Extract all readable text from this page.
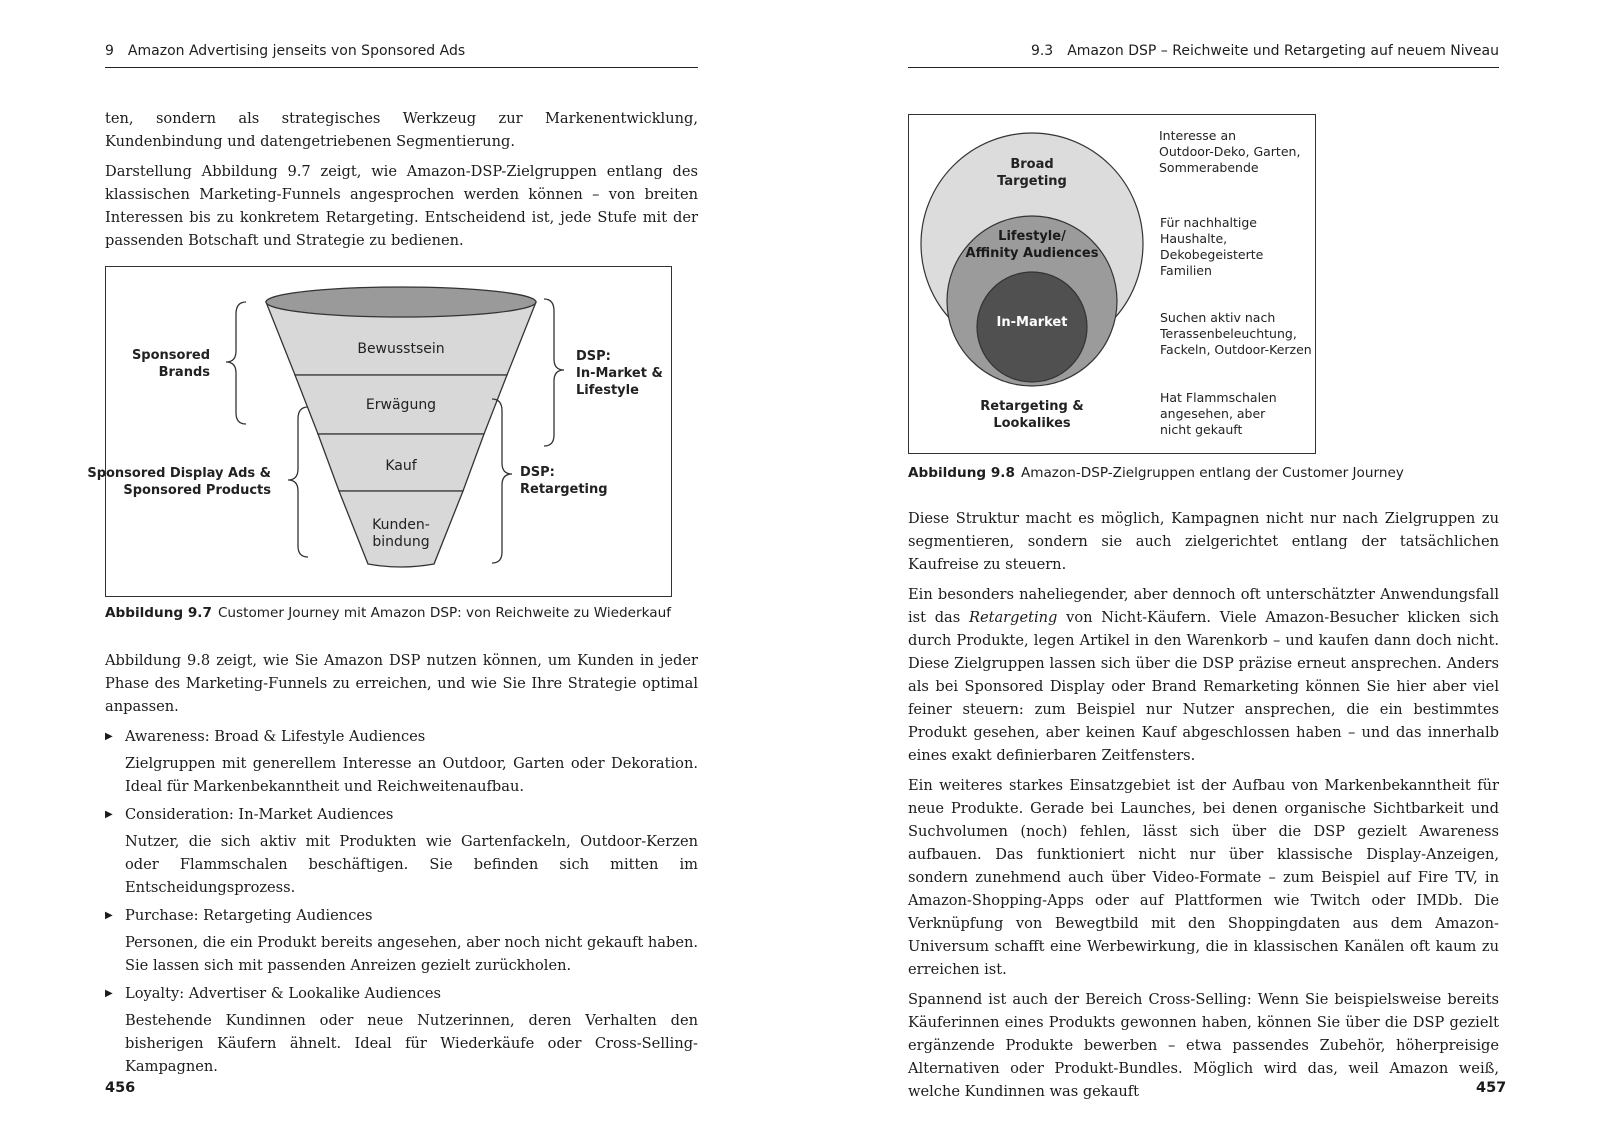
9 Amazon Advertising jenseits von Sponsored Ads

ten, sondern als strategisches Werkzeug zur Markenentwicklung, Kundenbindung und datengetriebenen Segmentierung.

Darstellung Abbildung 9.7 zeigt, wie Amazon-DSP-Zielgruppen entlang des klassischen Marketing-Funnels angesprochen werden können – von breiten Interessen bis zu konkretem Retargeting. Entscheidend ist, jede Stufe mit der passenden Botschaft und Strategie zu bedienen.

Bewusstsein
Erwägung
Kauf
Kunden-
bindung
Sponsored
Brands
Sponsored Display Ads &
Sponsored Products
DSP:
In-Market &
Lifestyle
DSP:
Retargeting
Abbildung 9.7 Customer Journey mit Amazon DSP: von Reichweite zu Wiederkauf

Abbildung 9.8 zeigt, wie Sie Amazon DSP nutzen können, um Kunden in jeder Phase des Marketing-Funnels zu erreichen, und wie Sie Ihre Strategie optimal anpassen.

▶ Awareness: Broad & Lifestyle Audiences
Zielgruppen mit generellem Interesse an Outdoor, Garten oder Dekoration. Ideal für Markenbekanntheit und Reichweitenaufbau.
▶ Consideration: In-Market Audiences
Nutzer, die sich aktiv mit Produkten wie Gartenfackeln, Outdoor-Kerzen oder Flammschalen beschäftigen. Sie befinden sich mitten im Entscheidungsprozess.
▶ Purchase: Retargeting Audiences
Personen, die ein Produkt bereits angesehen, aber noch nicht gekauft haben. Sie lassen sich mit passenden Anreizen gezielt zurückholen.
▶ Loyalty: Advertiser & Lookalike Audiences
Bestehende Kundinnen oder neue Nutzerinnen, deren Verhalten den bisherigen Käufern ähnelt. Ideal für Wiederkäufe oder Cross-Selling-Kampagnen.
456
9.3 Amazon DSP – Reichweite und Retargeting auf neuem Niveau
Broad
Targeting
Lifestyle/
Affinity Audiences
In-Market
Retargeting &
Lookalikes
Interesse an
Outdoor-Deko, Garten,
Sommerabende
Für nachhaltige
Haushalte,
Dekobegeisterte
Familien
Suchen aktiv nach
Terassenbeleuchtung,
Fackeln, Outdoor-Kerzen
Hat Flammschalen
angesehen, aber
nicht gekauft
Abbildung 9.8 Amazon-DSP-Zielgruppen entlang der Customer Journey

Diese Struktur macht es möglich, Kampagnen nicht nur nach Zielgruppen zu segmentieren, sondern sie auch zielgerichtet entlang der tatsächlichen Kaufreise zu steuern.

Ein besonders naheliegender, aber dennoch oft unterschätzter Anwendungsfall ist das Retargeting von Nicht-Käufern. Viele Amazon-Besucher klicken sich durch Produkte, legen Artikel in den Warenkorb – und kaufen dann doch nicht. Diese Zielgruppen lassen sich über die DSP präzise erneut ansprechen. Anders als bei Sponsored Display oder Brand Remarketing können Sie hier aber viel feiner steuern: zum Beispiel nur Nutzer ansprechen, die ein bestimmtes Produkt gesehen, aber keinen Kauf abgeschlossen haben – und das innerhalb eines exakt definierbaren Zeitfensters.

Ein weiteres starkes Einsatzgebiet ist der Aufbau von Markenbekanntheit für neue Produkte. Gerade bei Launches, bei denen organische Sichtbarkeit und Suchvolumen (noch) fehlen, lässt sich über die DSP gezielt Awareness aufbauen. Das funktioniert nicht nur über klassische Display-Anzeigen, sondern zunehmend auch über Video-Formate – zum Beispiel auf Fire TV, in Amazon-Shopping-Apps oder auf Plattformen wie Twitch oder IMDb. Die Verknüpfung von Bewegtbild mit den Shoppingdaten aus dem Amazon-Universum schafft eine Werbewirkung, die in klassischen Kanälen oft kaum zu erreichen ist.

Spannend ist auch der Bereich Cross-Selling: Wenn Sie beispielsweise bereits Käuferinnen eines Produkts gewonnen haben, können Sie über die DSP gezielt ergänzende Produkte bewerben – etwa passendes Zubehör, höherpreisige Alternativen oder Produkt-Bundles. Möglich wird das, weil Amazon weiß, welche Kundinnen was gekauft	457
